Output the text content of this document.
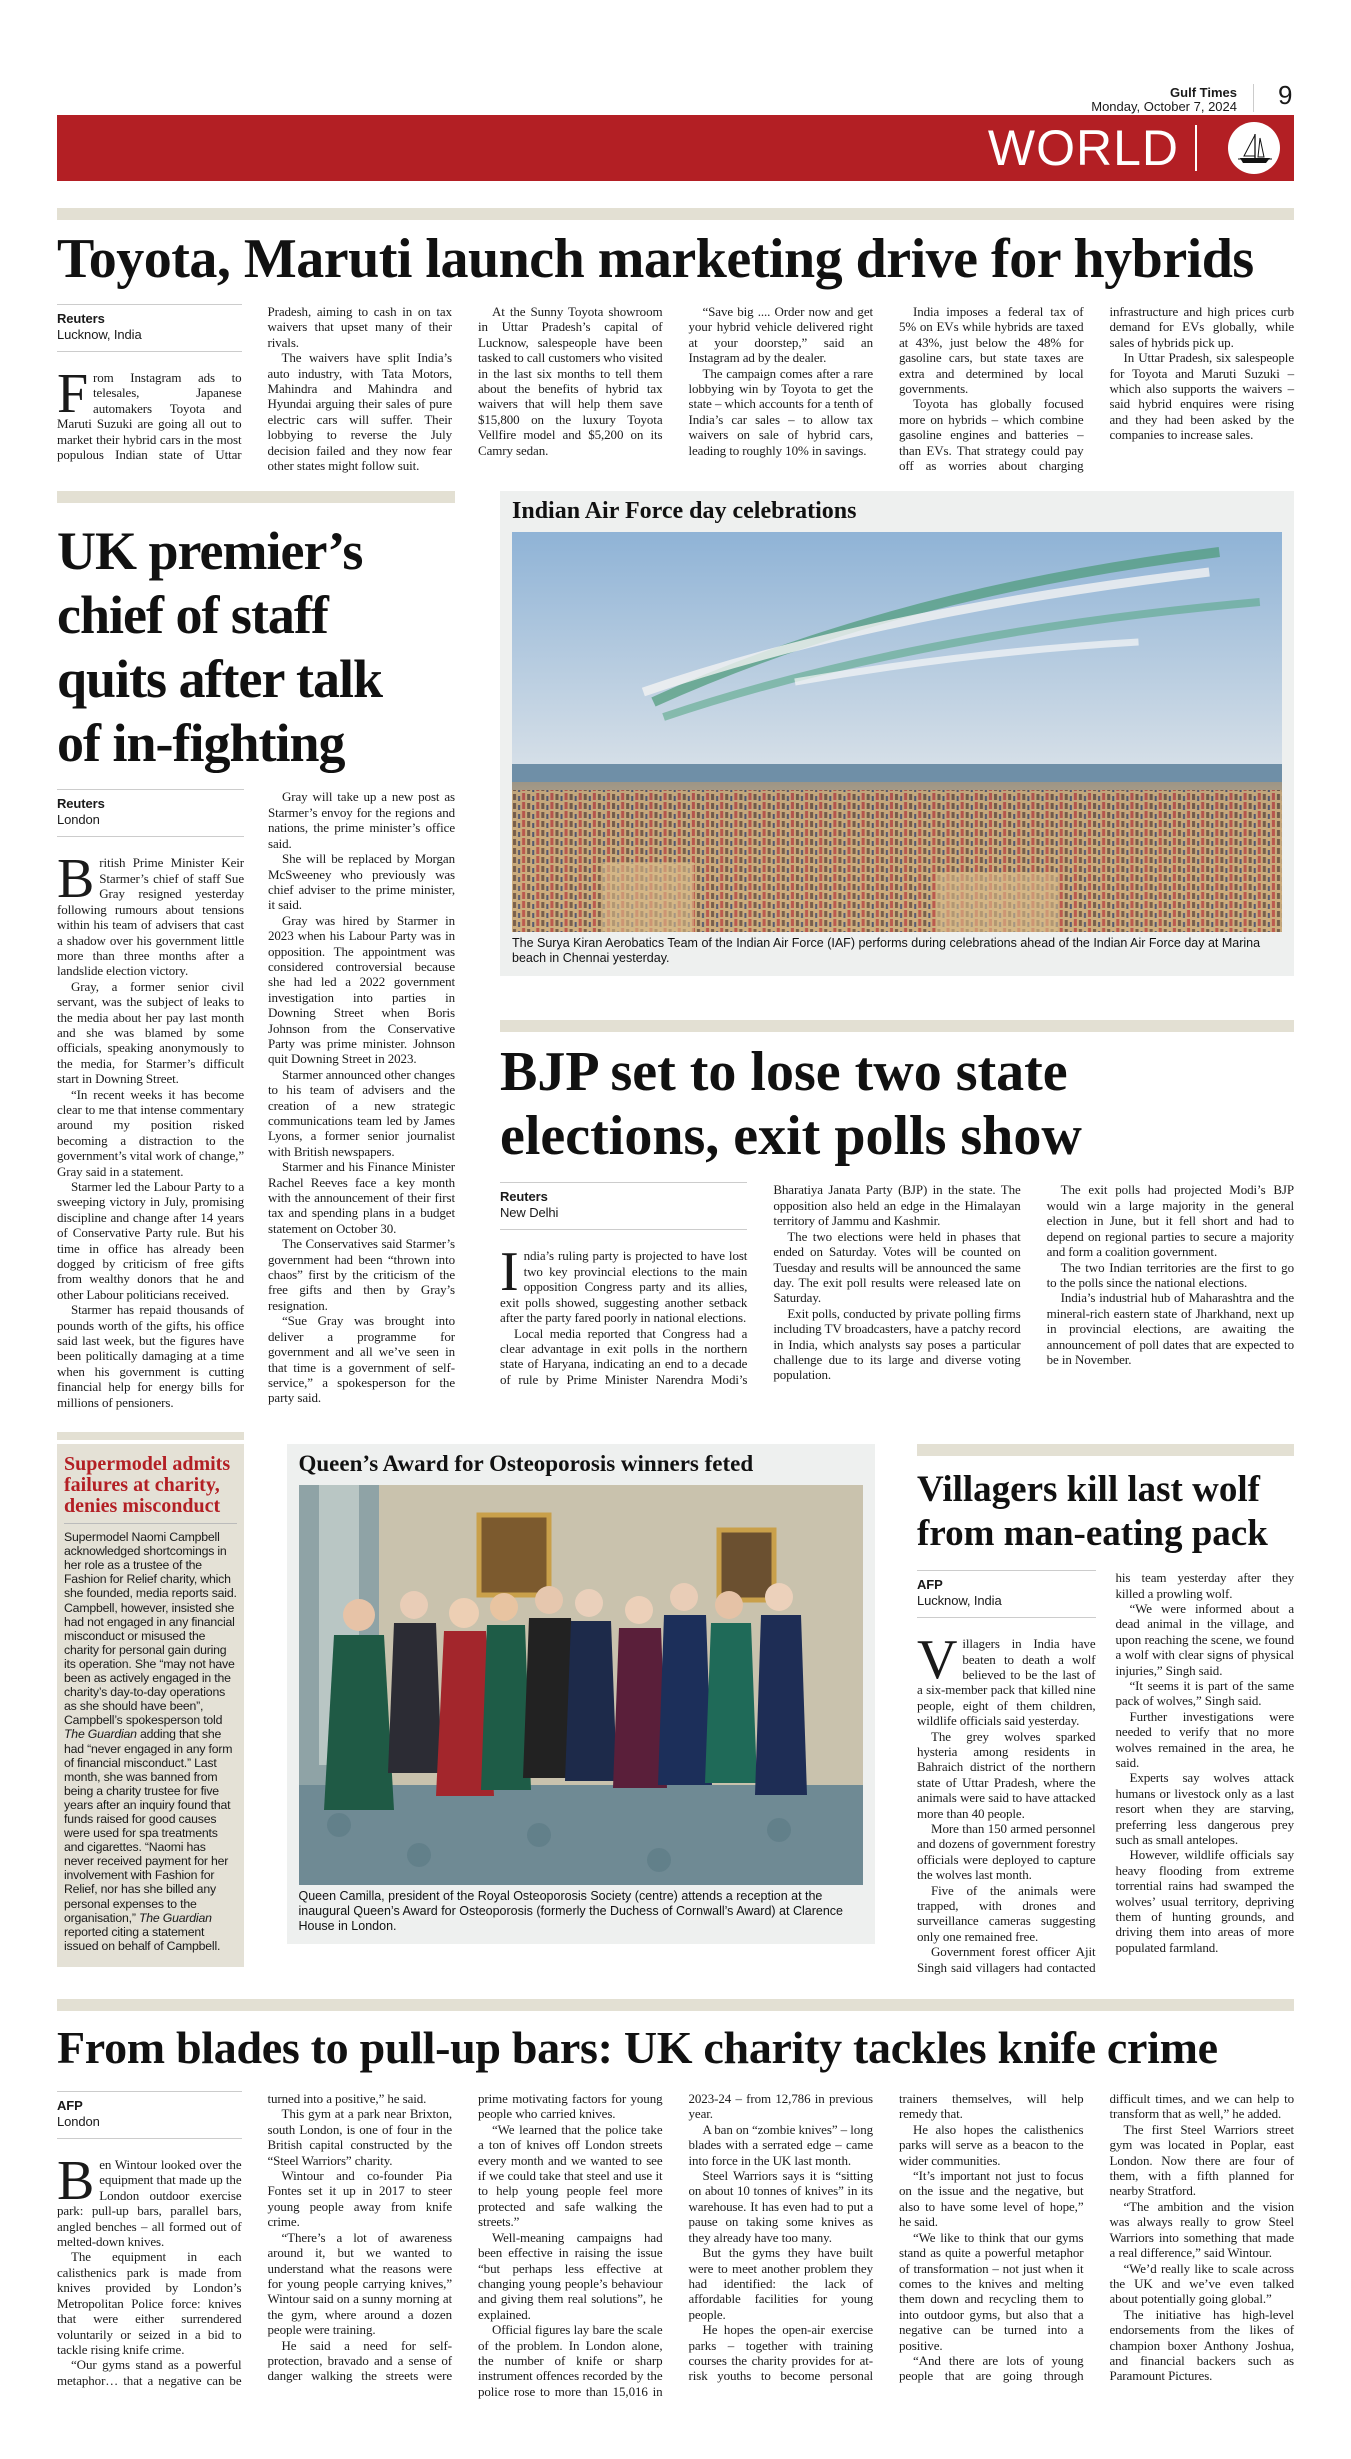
Gulf Times
Monday, October 7, 2024 9
WORLD
Toyota, Maruti launch marketing drive for hybrids
Reuters
Lucknow, India

From Instagram ads to telesales, Japanese automakers Toyota and Maruti Suzuki are going all out to market their hybrid cars in the most populous Indian state of Uttar Pradesh, aiming to cash in on tax waivers that upset many of their rivals.

The waivers have split India’s auto industry, with Tata Motors, Mahindra and Mahindra and Hyundai arguing their sales of pure electric cars will suffer. Their lobbying to reverse the July decision failed and they now fear other states might follow suit.

At the Sunny Toyota showroom in Uttar Pradesh’s capital of Lucknow, salespeople have been tasked to call customers who visited in the last six months to tell them about the benefits of hybrid tax waivers that will help them save $15,800 on the luxury Toyota Vellfire model and $5,200 on its Camry sedan.

“Save big .... Order now and get your hybrid vehicle delivered right at your doorstep,” said an Instagram ad by the dealer.

The campaign comes after a rare lobbying win by Toyota to get the state – which accounts for a tenth of India’s car sales – to allow tax waivers on sale of hybrid cars, leading to roughly 10% in savings.

India imposes a federal tax of 5% on EVs while hybrids are taxed at 43%, just below the 48% for gasoline cars, but state taxes are extra and determined by local governments.

Toyota has globally focused more on hybrids – which combine gasoline engines and batteries – than EVs. That strategy could pay off as worries about charging infrastructure and high prices curb demand for EVs globally, while sales of hybrids pick up.

In Uttar Pradesh, six salespeople for Toyota and Maruti Suzuki – which also supports the waivers – said hybrid enquires were rising and they had been asked by the companies to increase sales.

UK premier’s
chief of staff
quits after talk
of in-fighting
Reuters
London

British Prime Minister Keir Starmer’s chief of staff Sue Gray resigned yesterday following rumours about tensions within his team of advisers that cast a shadow over his government little more than three months after a landslide election victory.

Gray, a former senior civil servant, was the subject of leaks to the media about her pay last month and she was blamed by some officials, speaking anonymously to the media, for Starmer’s difficult start in Downing Street.

“In recent weeks it has become clear to me that intense commentary around my position risked becoming a distraction to the government’s vital work of change,” Gray said in a statement.

Starmer led the Labour Party to a sweeping victory in July, promising discipline and change after 14 years of Conservative Party rule. But his time in office has already been dogged by criticism of free gifts from wealthy donors that he and other Labour politicians received.

Starmer has repaid thousands of pounds worth of the gifts, his office said last week, but the figures have been politically damaging at a time when his government is cutting financial help for energy bills for millions of pensioners.

Gray will take up a new post as Starmer’s envoy for the regions and nations, the prime minister’s office said.

She will be replaced by Morgan McSweeney who previously was chief adviser to the prime minister, it said.

Gray was hired by Starmer in 2023 when his Labour Party was in opposition. The appointment was considered controversial because she had led a 2022 government investigation into parties in Downing Street when Boris Johnson from the Conservative Party was prime minister. Johnson quit Downing Street in 2023.

Starmer announced other changes to his team of advisers and the creation of a new strategic communications team led by James Lyons, a former senior journalist with British newspapers.

Starmer and his Finance Minister Rachel Reeves face a key month with the announcement of their first tax and spending plans in a budget statement on October 30.

The Conservatives said Starmer’s government had been “thrown into chaos” first by the criticism of the free gifts and then by Gray’s resignation.

“Sue Gray was brought into deliver a programme for government and all we’ve seen in that time is a government of self-service,” a spokesperson for the party said.

Indian Air Force day celebrations
The Surya Kiran Aerobatics Team of the Indian Air Force (IAF) performs during celebrations ahead of the Indian Air Force day at Marina beach in Chennai yesterday.
BJP set to lose two state
elections, exit polls show
Reuters
New Delhi

India’s ruling party is projected to have lost two key provincial elections to the main opposition Congress party and its allies, exit polls showed, suggesting another setback after the party fared poorly in national elections.

Local media reported that Congress had a clear advantage in exit polls in the northern state of Haryana, indicating an end to a decade of rule by Prime Minister Narendra Modi’s Bharatiya Janata Party (BJP) in the state. The opposition also held an edge in the Himalayan territory of Jammu and Kashmir.

The two elections were held in phases that ended on Saturday. Votes will be counted on Tuesday and results will be announced the same day. The exit poll results were released late on Saturday.

Exit polls, conducted by private polling firms including TV broadcasters, have a patchy record in India, which analysts say poses a particular challenge due to its large and diverse voting population.

The exit polls had projected Modi’s BJP would win a large majority in the general election in June, but it fell short and had to depend on regional parties to secure a majority and form a coalition government.

The two Indian territories are the first to go to the polls since the national elections.

India’s industrial hub of Maharashtra and the mineral-rich eastern state of Jharkhand, next up in provincial elections, are awaiting the announcement of poll dates that are expected to be in November.

Supermodel admits failures at charity, denies misconduct
Supermodel Naomi Campbell acknowledged shortcomings in her role as a trustee of the Fashion for Relief charity, which she founded, media reports said. Campbell, however, insisted she had not engaged in any financial misconduct or misused the charity for personal gain during its operation. She “may not have been as actively engaged in the charity’s day-to-day operations as she should have been”, Campbell’s spokesperson told The Guardian adding that she had “never engaged in any form of financial misconduct.” Last month, she was banned from being a charity trustee for five years after an inquiry found that funds raised for good causes were used for spa treatments and cigarettes. “Naomi has never received payment for her involvement with Fashion for Relief, nor has she billed any personal expenses to the organisation,” The Guardian reported citing a statement issued on behalf of Campbell.
Queen’s Award for Osteoporosis winners feted
Queen Camilla, president of the Royal Osteoporosis Society (centre) attends a reception at the inaugural Queen’s Award for Osteoporosis (formerly the Duchess of Cornwall’s Award) at Clarence House in London.
Villagers kill last wolf
from man-eating pack
AFP
Lucknow, India

Villagers in India have beaten to death a wolf believed to be the last of a six-member pack that killed nine people, eight of them children, wildlife officials said yesterday.

The grey wolves sparked hysteria among residents in Bahraich district of the northern state of Uttar Pradesh, where the animals were said to have attacked more than 40 people.

More than 150 armed personnel and dozens of government forestry officials were deployed to capture the wolves last month.

Five of the animals were trapped, with drones and surveillance cameras suggesting only one remained free.

Government forest officer Ajit Singh said villagers had contacted his team yesterday after they killed a prowling wolf.

“We were informed about a dead animal in the village, and upon reaching the scene, we found a wolf with clear signs of physical injuries,” Singh said.

“It seems it is part of the same pack of wolves,” Singh said.

Further investigations were needed to verify that no more wolves remained in the area, he said.

Experts say wolves attack humans or livestock only as a last resort when they are starving, preferring less dangerous prey such as small antelopes.

However, wildlife officials say heavy flooding from extreme torrential rains had swamped the wolves’ usual territory, depriving them of hunting grounds, and driving them into areas of more populated farmland.

From blades to pull-up bars: UK charity tackles knife crime
AFP
London

Ben Wintour looked over the equipment that made up the London outdoor exercise park: pull-up bars, parallel bars, angled benches – all formed out of melted-down knives.

The equipment in each calisthenics park is made from knives provided by London’s Metropolitan Police force: knives that were either surrendered voluntarily or seized in a bid to tackle rising knife crime.

“Our gyms stand as a powerful metaphor… that a negative can be turned into a positive,” he said.

This gym at a park near Brixton, south London, is one of four in the British capital constructed by the “Steel Warriors” charity.

Wintour and co-founder Pia Fontes set it up in 2017 to steer young people away from knife crime.

“There’s a lot of awareness around it, but we wanted to understand what the reasons were for young people carrying knives,” Wintour said on a sunny morning at the gym, where around a dozen people were training.

He said a need for self-protection, bravado and a sense of danger walking the streets were prime motivating factors for young people who carried knives.

“We learned that the police take a ton of knives off London streets every month and we wanted to see if we could take that steel and use it to help young people feel more protected and safe walking the streets.”

Well-meaning campaigns had been effective in raising the issue “but perhaps less effective at changing young people’s behaviour and giving them real solutions”, he explained.

Official figures lay bare the scale of the problem. In London alone, the number of knife or sharp instrument offences recorded by the police rose to more than 15,016 in 2023-24 – from 12,786 in previous year.

A ban on “zombie knives” – long blades with a serrated edge – came into force in the UK last month.

Steel Warriors says it is “sitting on about 10 tonnes of knives” in its warehouse. It has even had to put a pause on taking some knives as they already have too many.

But the gyms they have built were to meet another problem they had identified: the lack of affordable facilities for young people.

He hopes the open-air exercise parks – together with training courses the charity provides for at-risk youths to become personal trainers themselves, will help remedy that.

He also hopes the calisthenics parks will serve as a beacon to the wider communities.

“It’s important not just to focus on the issue and the negative, but also to have some level of hope,” he said.

“We like to think that our gyms stand as quite a powerful metaphor of transformation – not just when it comes to the knives and melting them down and recycling them to into outdoor gyms, but also that a negative can be turned into a positive.

“And there are lots of young people that are going through difficult times, and we can help to transform that as well,” he added.

The first Steel Warriors street gym was located in Poplar, east London. Now there are four of them, with a fifth planned for nearby Stratford.

“The ambition and the vision was always really to grow Steel Warriors into something that made a real difference,” said Wintour.

“We’d really like to scale across the UK and we’ve even talked about potentially going global.”

The initiative has high-level endorsements from the likes of champion boxer Anthony Joshua, and financial backers such as Paramount Pictures.
